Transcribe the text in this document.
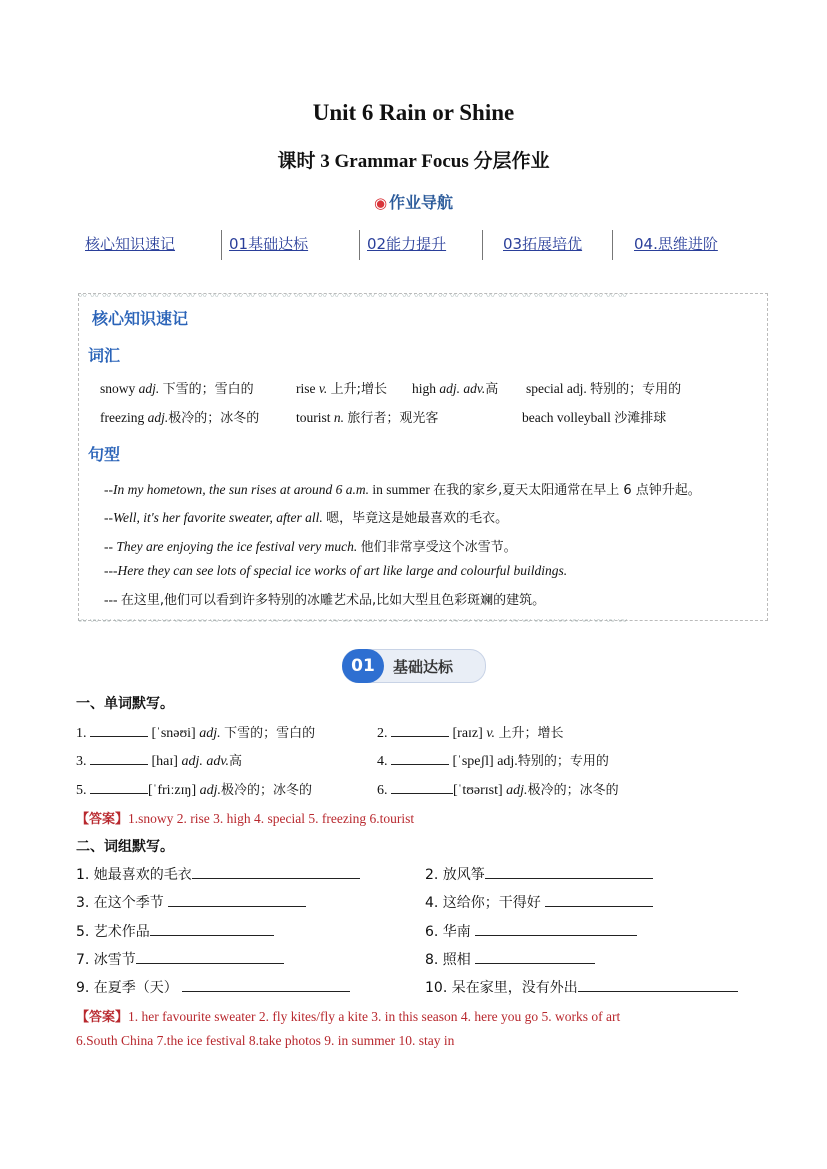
Unit 6 Rain or Shine
课时 3 Grammar Focus 分层作业
◉ 作业导航
核心知识速记	01基础达标	02能力提升	03拓展培优	04.思维进阶
〰〰〰〰〰〰〰〰〰〰〰〰〰〰〰〰〰〰〰〰〰〰〰〰〰〰〰〰〰〰〰〰〰〰〰〰〰〰〰〰〰〰〰〰〰〰
〰〰〰〰〰〰〰〰〰〰〰〰〰〰〰〰〰〰〰〰〰〰〰〰〰〰〰〰〰〰〰〰〰〰〰〰〰〰〰〰〰〰〰〰〰〰
核心知识速记
词汇
snowy adj. 下雪的；雪白的	rise v. 上升;增长 high adj. adv.高 special adj. 特别的；专用的
freezing adj.极冷的；冰冬的	tourist n. 旅行者；观光客	beach volleyball 沙滩排球
句型
--In my hometown, the sun rises at around 6 a.m. in summer 在我的家乡,夏天太阳通常在早上 6 点钟升起。
--Well, it's her favorite sweater, after all. 嗯，毕竟这是她最喜欢的毛衣。
-- They are enjoying the ice festival very much. 他们非常享受这个冰雪节。
---Here they can see lots of special ice works of art like large and colourful buildings.
--- 在这里,他们可以看到许多特别的冰雕艺术品,比如大型且色彩斑斓的建筑。
01	基础达标
一、单词默写。
1.	[ˈsnəʊi] adj. 下雪的；雪白的	2.	[raɪz] v. 上升；增长
3.	[haɪ] adj. adv.高	4.	[ˈspeʃl] adj.特别的；专用的
5.	[ˈfriːzɪŋ] adj.极冷的；冰冬的	6.	[ˈtʊərɪst] adj.极冷的；冰冬的
【答案】1.snowy 2. rise 3. high 4. special 5. freezing 6.tourist
二、词组默写。
1. 她最喜欢的毛衣	2. 放风筝
3. 在这个季节	4. 这给你；干得好
5. 艺术作品	6. 华南
7. 冰雪节	8. 照相
9. 在夏季（天）	10. 呆在家里，没有外出
【答案】1. her favourite sweater 2. fly kites/fly a kite 3. in this season 4. here you go 5. works of art
6.South China 7.the ice festival 8.take photos 9. in summer 10. stay in
